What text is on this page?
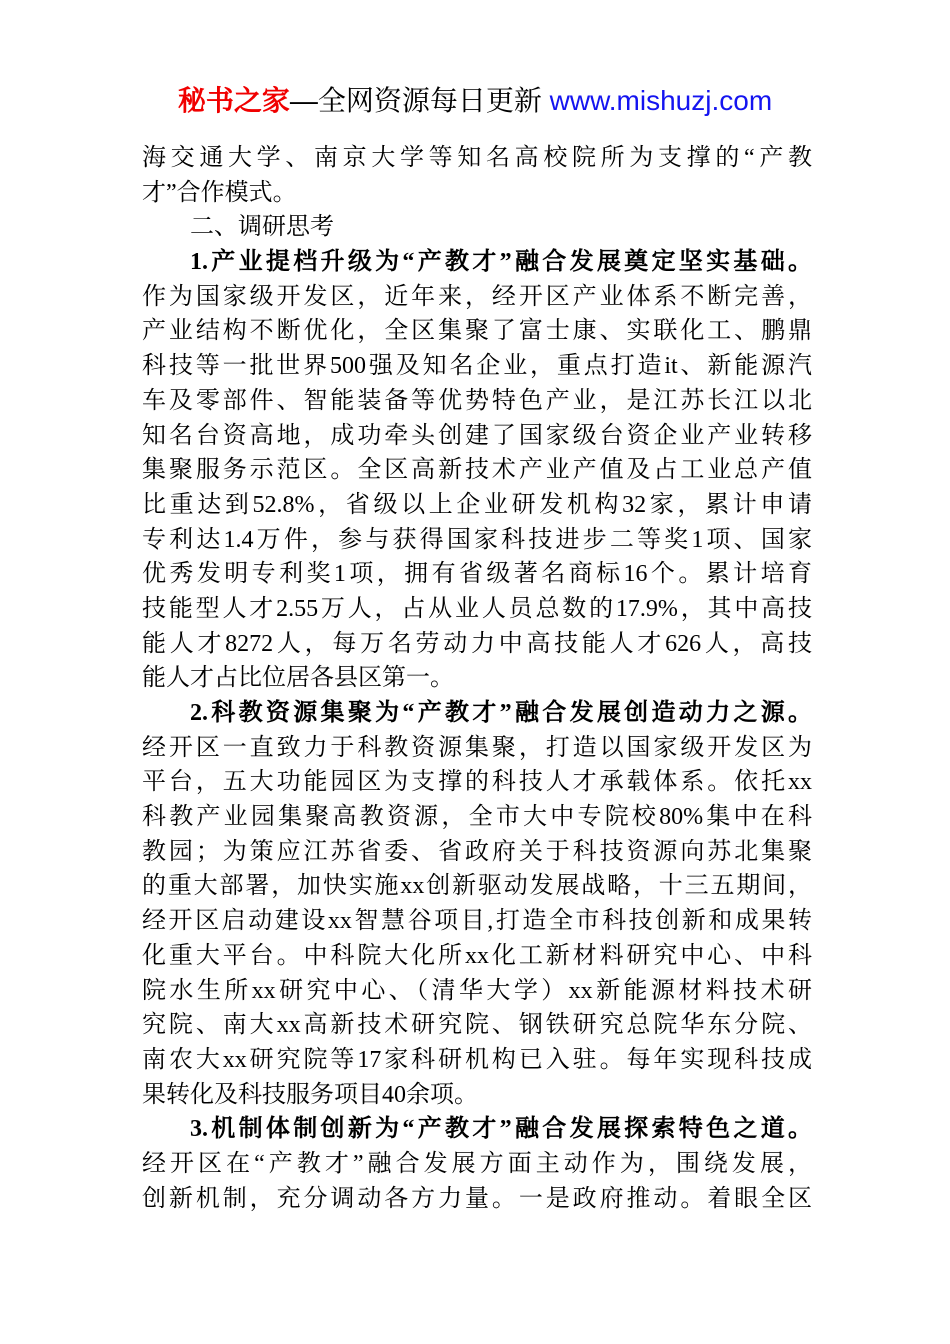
秘书之家—全网资源每日更新 www.mishuzj.com
海交通大学、南京大学等知名高校院所为支撑的“产教
才”合作模式。
二、调研思考
1.产业提档升级为“产教才”融合发展奠定坚实基础。
作为国家级开发区，近年来，经开区产业体系不断完善，
产业结构不断优化，全区集聚了富士康、实联化工、鹏鼎
科技等一批世界500强及知名企业，重点打造it、新能源汽
车及零部件、智能装备等优势特色产业，是江苏长江以北
知名台资高地，成功牵头创建了国家级台资企业产业转移
集聚服务示范区。全区高新技术产业产值及占工业总产值
比重达到52.8%，省级以上企业研发机构32家，累计申请
专利达1.4万件，参与获得国家科技进步二等奖1项、国家
优秀发明专利奖1项，拥有省级著名商标16个。累计培育
技能型人才2.55万人，占从业人员总数的17.9%，其中高技
能人才8272人，每万名劳动力中高技能人才626人，高技
能人才占比位居各县区第一。
2.科教资源集聚为“产教才”融合发展创造动力之源。
经开区一直致力于科教资源集聚，打造以国家级开发区为
平台，五大功能园区为支撑的科技人才承载体系。依托xx
科教产业园集聚高教资源，全市大中专院校80%集中在科
教园；为策应江苏省委、省政府关于科技资源向苏北集聚
的重大部署，加快实施xx创新驱动发展战略，十三五期间，
经开区启动建设xx智慧谷项目,打造全市科技创新和成果转
化重大平台。中科院大化所xx化工新材料研究中心、中科
院水生所xx研究中心、（清华大学）xx新能源材料技术研
究院、南大xx高新技术研究院、钢铁研究总院华东分院、
南农大xx研究院等17家科研机构已入驻。每年实现科技成
果转化及科技服务项目40余项。
3.机制体制创新为“产教才”融合发展探索特色之道。
经开区在“产教才”融合发展方面主动作为，围绕发展，
创新机制，充分调动各方力量。一是政府推动。着眼全区
